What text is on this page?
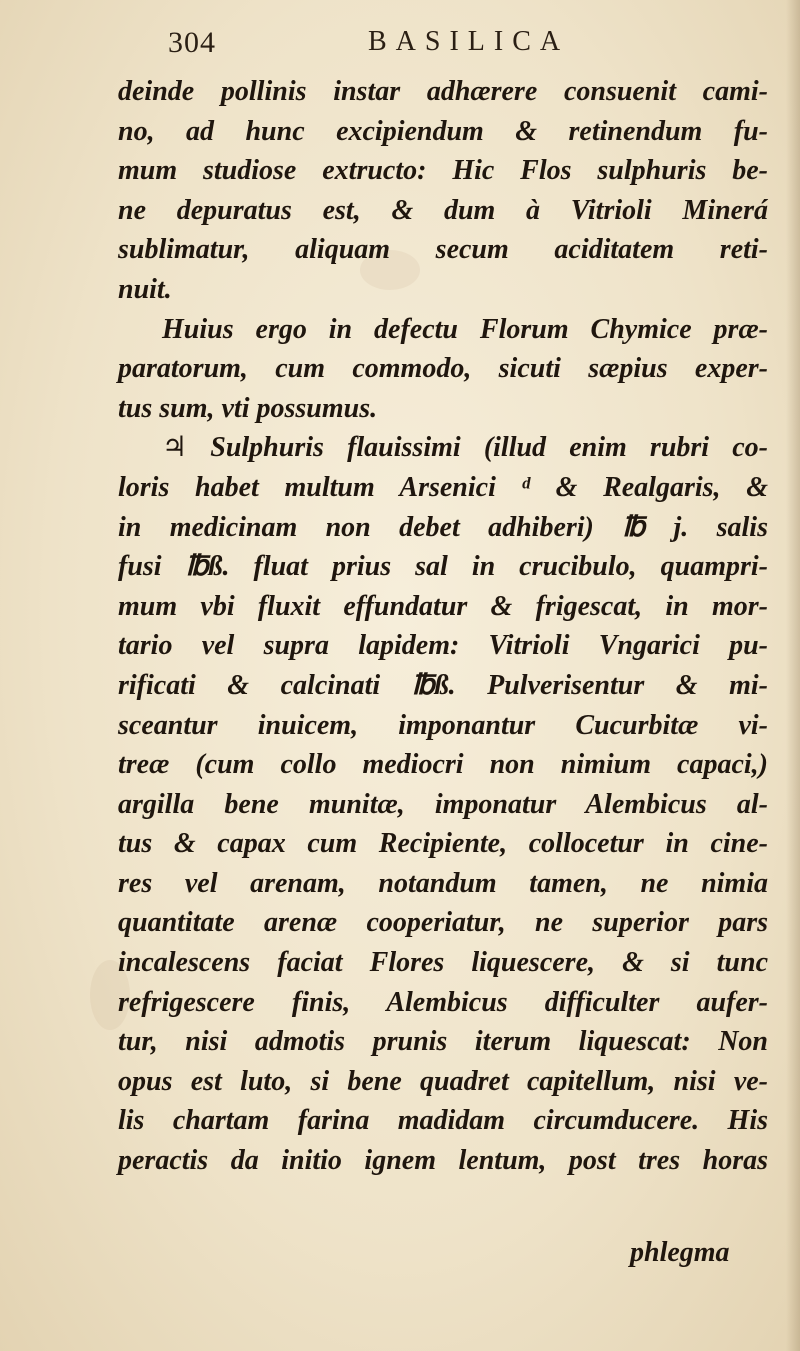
304	BASILICA
deinde pollinis instar adhærere consuenit cami-
no, ad hunc excipiendum & retinendum fu-
mum studiose extructo: Hic Flos sulphuris be-
ne depuratus est, & dum à Vitrioli Minerá
sublimatur, aliquam secum aciditatem reti-
nuit.
Huius ergo in defectu Florum Chymice præ-
paratorum, cum commodo, sicuti sæpius exper-
tus sum, vti possumus.
♃ Sulphuris flauissimi (illud enim rubri co-
loris habet multum Arsenici ᵈ & Realgaris, &
in medicinam non debet adhiberi) ℔ j. salis
fusi ℔ß. fluat prius sal in crucibulo, quampri-
mum vbi fluxit effundatur & frigescat, in mor-
tario vel supra lapidem: Vitrioli Vngarici pu-
rificati & calcinati ℔ß. Pulverisentur & mi-
sceantur inuicem, imponantur Cucurbitæ vi-
treæ (cum collo mediocri non nimium capaci,)
argilla bene munitæ, imponatur Alembicus al-
tus & capax cum Recipiente, collocetur in cine-
res vel arenam, notandum tamen, ne nimia
quantitate arenæ cooperiatur, ne superior pars
incalescens faciat Flores liquescere, & si tunc
refrigescere finis, Alembicus difficulter aufer-
tur, nisi admotis prunis iterum liquescat: Non
opus est luto, si bene quadret capitellum, nisi ve-
lis chartam farina madidam circumducere. His
peractis da initio ignem lentum, post tres horas
phlegma
